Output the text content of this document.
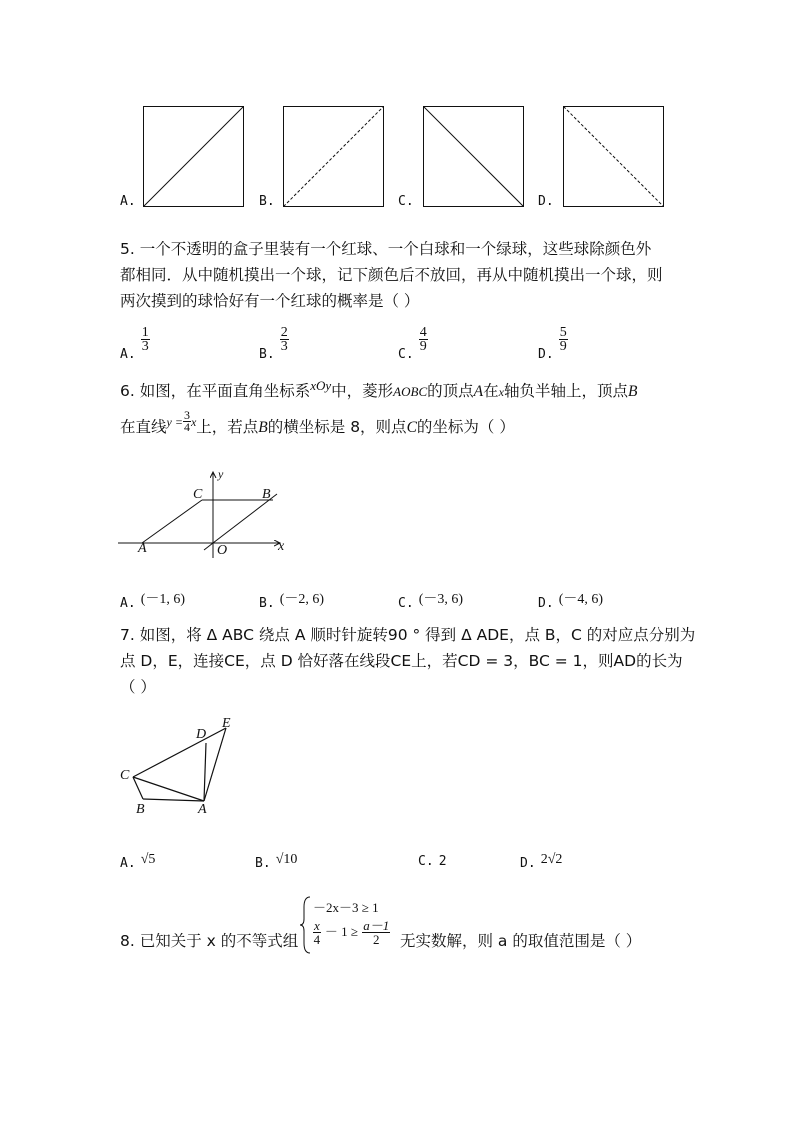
A.	B.	C.	D.
5. 一个不透明的盒子里装有一个红球、一个白球和一个绿球，这些球除颜色外
都相同．从中随机摸出一个球，记下颜色后不放回，再从中随机摸出一个球，则
两次摸到的球恰好有一个红球的概率是（ ）
$_{A.}$
$\frac{1}{3}$
$_{B.}$
$\frac{2}{3}$
$_{C.}$
$\frac{4}{9}$
$_{D.}$
$\frac{5}{9}$
6. 如图，在平面直角坐标系$^{xOy}$中，菱形AOBC的顶点A在x轴负半轴上，顶点B
在直线$^{y =} \frac{3}{4} ^x$上，若点B的横坐标是 8，则点C的坐标为（ ）
C	B
A	O	x
y
$_{A.}$ (－1, 6)	$_{B.}$ (－2, 6)	$_{C.}$ (－3, 6)	$_{D.}$ (－4, 6)
7. 如图，将 Δ ABC 绕点 A 顺时针旋转90 ° 得到 Δ ADE，点 B，C 的对应点分别为
点 D，E，连接CE，点 D 恰好落在线段CE上，若CD = 3，BC = 1，则AD的长为
（ ）
E
D
C
B	A
$_{A.}$ √5	$_{B.}$ √10	C. 2	$_{D.}$ 2√2
8. 已知关于 x 的不等式组
－2x－3 ≥ 1
$\frac{x}{4} - 1 \ge \frac{a-1}{2}$ 无实数解，则 a 的取值范围是（ ）
